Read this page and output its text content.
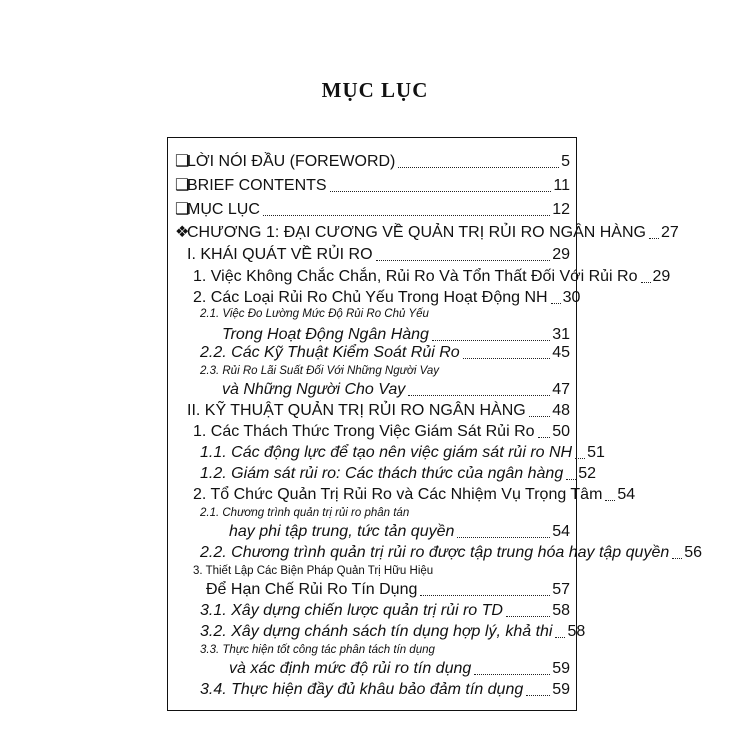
MỤC LỤC
❑LỜI NÓI ĐẦU (FOREWORD)	5
❑BRIEF CONTENTS	11
❑MỤC LỤC	12
❖CHƯƠNG 1: ĐẠI CƯƠNG VỀ QUẢN TRỊ RỦI RO NGÂN HÀNG 27
I. KHÁI QUÁT VỀ RỦI RO	29
1. Việc Không Chắc Chắn, Rủi Ro Và Tổn Thất Đối Với Rủi Ro 29
2. Các Loại Rủi Ro Chủ Yếu Trong Hoạt Động NH 30
2.1. Việc Đo Lường Mức Độ Rủi Ro Chủ Yếu
Trong Hoạt Động Ngân Hàng	31
2.2. Các Kỹ Thuật Kiểm Soát Rủi Ro	45
2.3. Rủi Ro Lãi Suất Đối Với Những Người Vay
và Những Người Cho Vay	47
II. KỸ THUẬT QUẢN TRỊ RỦI RO NGÂN HÀNG 48
1. Các Thách Thức Trong Việc Giám Sát Rủi Ro 50
1.1. Các động lực để tạo nên việc giám sát rủi ro NH 51
1.2. Giám sát rủi ro: Các thách thức của ngân hàng 52
2. Tổ Chức Quản Trị Rủi Ro và Các Nhiệm Vụ Trọng Tâm 54
2.1. Chương trình quản trị rủi ro phân tán
hay phi tập trung, tức tản quyền	54
2.2. Chương trình quản trị rủi ro được tập trung hóa hay tập quyền 56
3. Thiết Lập Các Biện Pháp Quản Trị Hữu Hiệu
Để Hạn Chế Rủi Ro Tín Dụng	57
3.1. Xây dựng chiến lược quản trị rủi ro TD	58
3.2. Xây dựng chánh sách tín dụng hợp lý, khả thi 58
3.3. Thực hiện tốt công tác phân tách tín dụng
và xác định mức độ rủi ro tín dụng	59
3.4. Thực hiện đầy đủ khâu bảo đảm tín dụng 59
